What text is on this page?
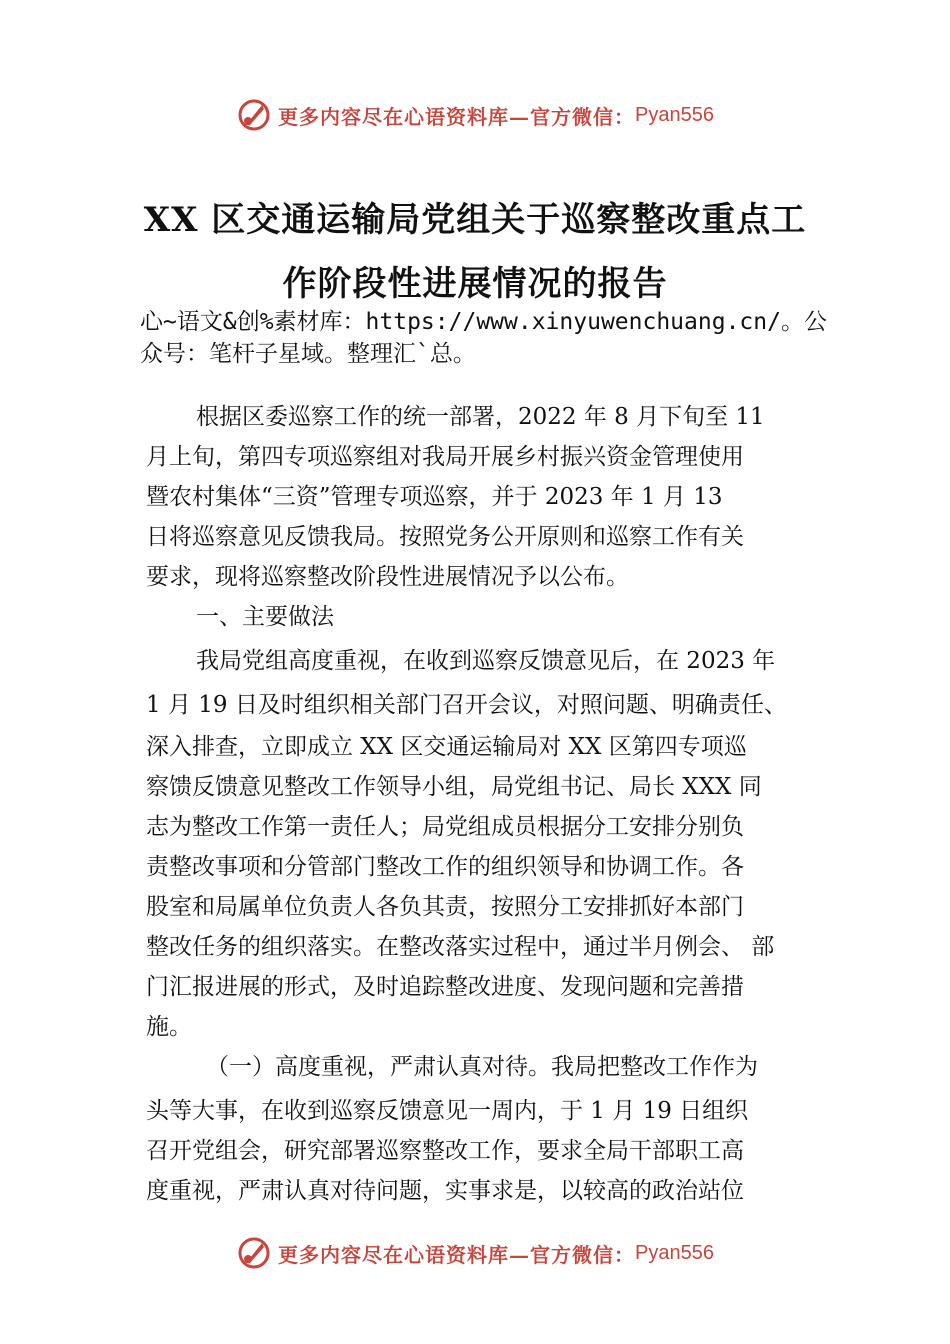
更多内容尽在心语资料库—官方微信： Pyan556
XX 区交通运输局党组关于巡察整改重点工
作阶段性进展情况的报告
心~语文&创%素材库：https://www.xinyuwenchuang.cn/。公众号：笔杆子星域。整理汇`总。
根据区委巡察工作的统一部署，2022 年 8 月下旬至 11
月上旬，第四专项巡察组对我局开展乡村振兴资金管理使用
暨农村集体“三资”管理专项巡察，并于 2023 年 1 月 13
日将巡察意见反馈我局。按照党务公开原则和巡察工作有关
要求，现将巡察整改阶段性进展情况予以公布。
一、主要做法
我局党组高度重视，在收到巡察反馈意见后，在 2023 年
1 月 19 日及时组织相关部门召开会议，对照问题、明确责任、
深入排查，立即成立 XX 区交通运输局对 XX 区第四专项巡
察馈反馈意见整改工作领导小组，局党组书记、局长 XXX 同
志为整改工作第一责任人；局党组成员根据分工安排分别负
责整改事项和分管部门整改工作的组织领导和协调工作。各
股室和局属单位负责人各负其责，按照分工安排抓好本部门
整改任务的组织落实。在整改落实过程中，通过半月例会、 部
门汇报进展的形式，及时追踪整改进度、发现问题和完善措
施。
（一）高度重视，严肃认真对待。我局把整改工作作为
头等大事，在收到巡察反馈意见一周内，于 1 月 19 日组织
召开党组会，研究部署巡察整改工作，要求全局干部职工高
度重视，严肃认真对待问题，实事求是，以较高的政治站位
更多内容尽在心语资料库—官方微信： Pyan556
